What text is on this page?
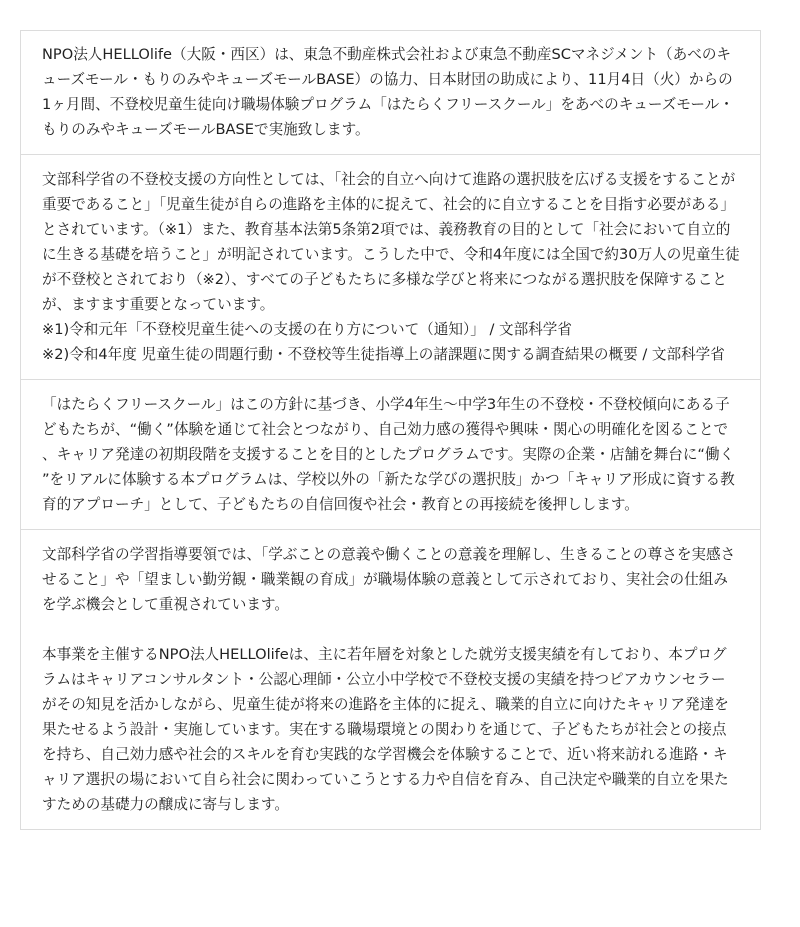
NPO法人HELLOlife（大阪・西区）は、東急不動産株式会社および東急不動産SCマネジメント（あべのキューズモール・もりのみやキューズモールBASE）の協力、日本財団の助成により、11月4日（火）からの1ヶ月間、不登校児童生徒向け職場体験プログラム「はたらくフリースクール」をあべのキューズモール・もりのみやキューズモールBASEで実施致します。

文部科学省の不登校支援の方向性としては、「社会的自立へ向けて進路の選択肢を広げる支援をすることが重要であること」「児童生徒が自らの進路を主体的に捉えて、社会的に自立することを目指す必要がある」とされています。（※1）また、教育基本法第5条第2項では、義務教育の目的として「社会において自立的に生きる基礎を培うこと」が明記されています。こうした中で、令和4年度には全国で約30万人の児童生徒が不登校とされており（※2）、すべての子どもたちに多様な学びと将来につながる選択肢を保障することが、ますます重要となっています。

※1)令和元年「不登校児童生徒への支援の在り方について（通知）」 / 文部科学省

※2)令和4年度 児童生徒の問題行動・不登校等生徒指導上の諸課題に関する調査結果の概要 / 文部科学省

「はたらくフリースクール」はこの方針に基づき、小学4年生〜中学3年生の不登校・不登校傾向にある子どもたちが、“働く”体験を通じて社会とつながり、自己効力感の獲得や興味・関心の明確化を図ることで、キャリア発達の初期段階を支援することを目的としたプログラムです。実際の企業・店舗を舞台に“働く”をリアルに体験する本プログラムは、学校以外の「新たな学びの選択肢」かつ「キャリア形成に資する教育的アプローチ」として、子どもたちの自信回復や社会・教育との再接続を後押しします。

文部科学省の学習指導要領では、「学ぶことの意義や働くことの意義を理解し、生きることの尊さを実感させること」や「望ましい勤労観・職業観の育成」が職場体験の意義として示されており、実社会の仕組みを学ぶ機会として重視されています。

本事業を主催するNPO法人HELLOlifeは、主に若年層を対象とした就労支援実績を有しており、本プログラムはキャリアコンサルタント・公認心理師・公立小中学校で不登校支援の実績を持つピアカウンセラーがその知見を活かしながら、児童生徒が将来の進路を主体的に捉え、職業的自立に向けたキャリア発達を果たせるよう設計・実施しています。実在する職場環境との関わりを通じて、子どもたちが社会との接点を持ち、自己効力感や社会的スキルを育む実践的な学習機会を体験することで、近い将来訪れる進路・キャリア選択の場において自ら社会に関わっていこうとする力や自信を育み、自己決定や職業的自立を果たすための基礎力の醸成に寄与します。
